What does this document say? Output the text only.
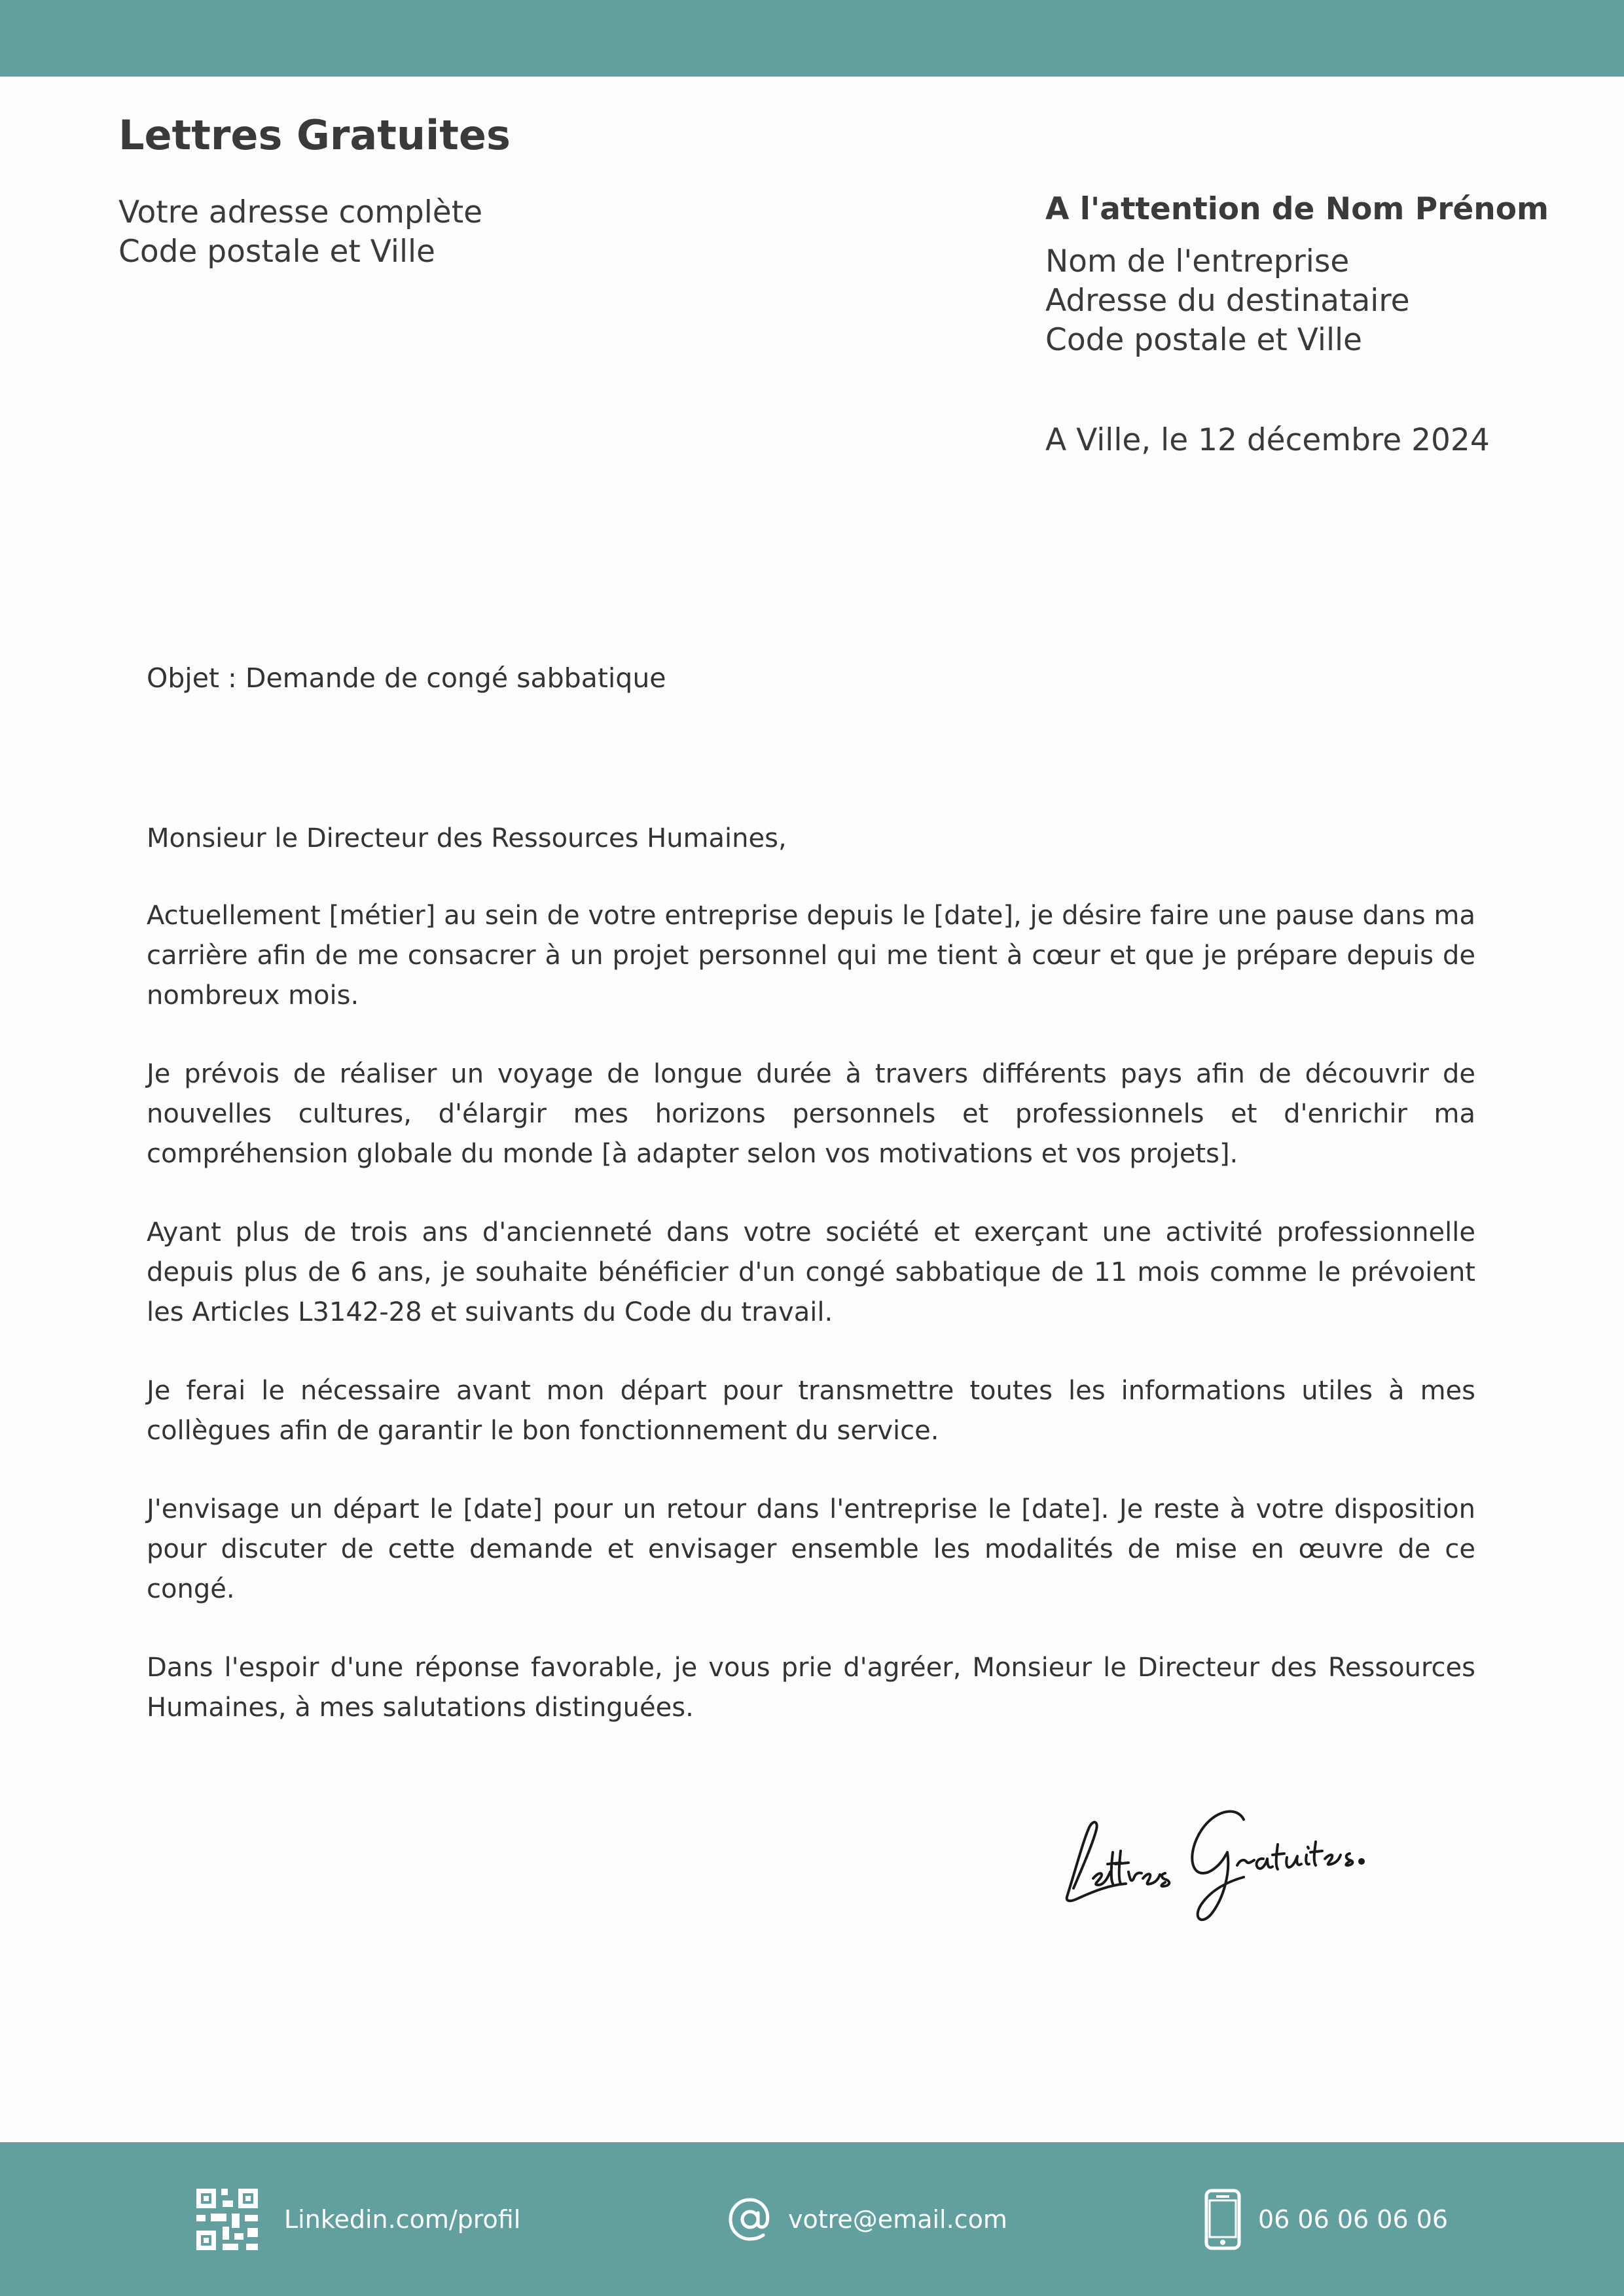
Lettres Gratuites
Votre adresse complète
Code postale et Ville
A l'attention de Nom Prénom
Nom de l'entreprise
Adresse du destinataire
Code postale et Ville
A Ville, le 12 décembre 2024
Objet : Demande de congé sabbatique

Monsieur le Directeur des Ressources Humaines,

Actuellement [métier] au sein de votre entreprise depuis le [date], je désire faire une pause dans ma carrière afin de me consacrer à un projet personnel qui me tient à cœur et que je prépare depuis de nombreux mois.

Je prévois de réaliser un voyage de longue durée à travers différents pays afin de découvrir de nouvelles cultures, d'élargir mes horizons personnels et professionnels et d'enrichir ma compréhension globale du monde [à adapter selon vos motivations et vos projets].

Ayant plus de trois ans d'ancienneté dans votre société et exerçant une activité professionnelle depuis plus de 6 ans, je souhaite bénéficier d'un congé sabbatique de 11 mois comme le prévoient les Articles L3142-28 et suivants du Code du travail.

Je ferai le nécessaire avant mon départ pour transmettre toutes les informations utiles à mes collègues afin de garantir le bon fonctionnement du service.

J'envisage un départ le [date] pour un retour dans l'entreprise le [date]. Je reste à votre disposition pour discuter de cette demande et envisager ensemble les modalités de mise en œuvre de ce congé.

Dans l'espoir d'une réponse favorable, je vous prie d'agréer, Monsieur le Directeur des Ressources Humaines, à mes salutations distinguées.

Linkedin.com/profil	votre@email.com	06 06 06 06 06
